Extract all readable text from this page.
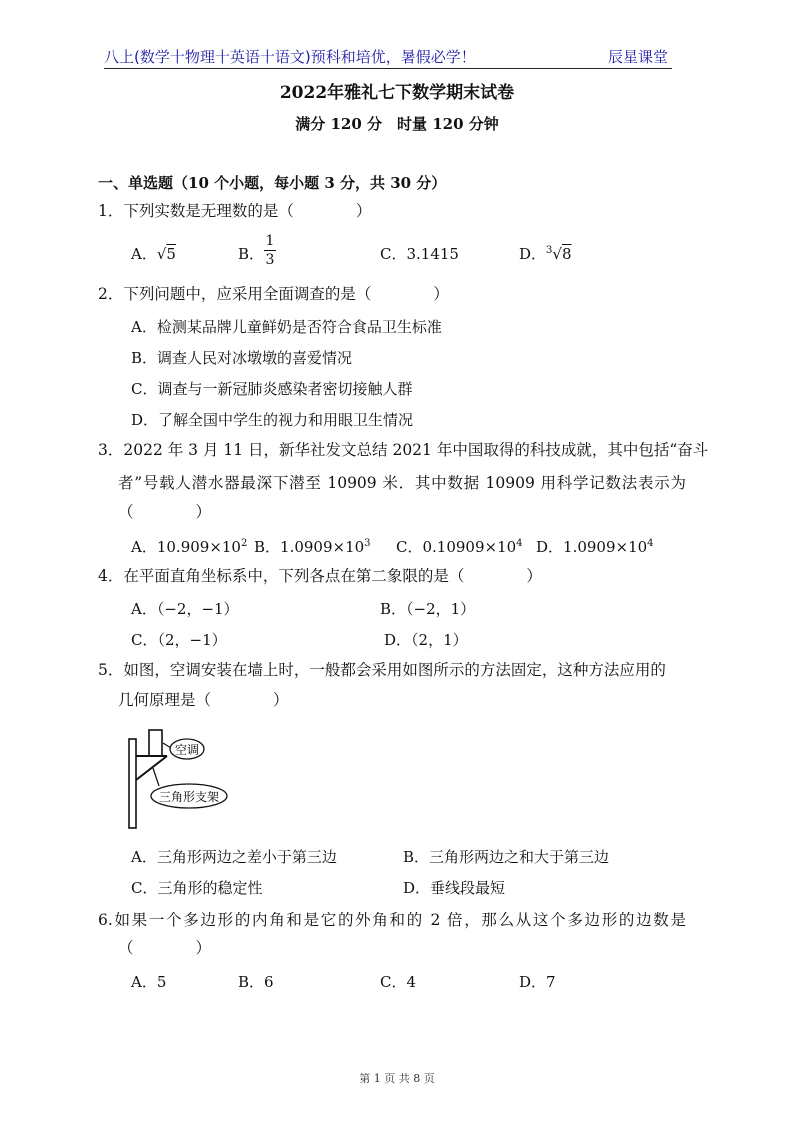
八上(数学十物理十英语十语文)预科和培优，暑假必学！	辰星课堂
2022年雅礼七下数学期末试卷
满分 120 分　时量 120 分钟
一、单选题（10 个小题，每小题 3 分，共 30 分）
1．下列实数是无理数的是（　　　　）
A．√5	B．
1
3	C．3.1415	D．$^3$√8
2．下列问题中，应采用全面调查的是（　　　　）
A．检测某品牌儿童鲜奶是否符合食品卫生标准
B．调查人民对冰墩墩的喜爱情况
C．调查与一新冠肺炎感染者密切接触人群
D．了解全国中学生的视力和用眼卫生情况
3．2022 年 3 月 11 日，新华社发文总结 2021 年中国取得的科技成就，其中包括“奋斗
者”号载人潜水器最深下潜至 10909 米．其中数据 10909 用科学记数法表示为
（　　　　）
A．$10.909\times 10^2$ B．$1.0909\times 10^3$ C．$0.10909\times 10^4$ D．$1.0909\times 10^4$
4．在平面直角坐标系中，下列各点在第二象限的是（　　　　）
A．（−2，−1）	B．（−2，1）
C．（2，−1）	D．（2，1）
5．如图，空调安装在墙上时，一般都会采用如图所示的方法固定，这种方法应用的
几何原理是（　　　　）
空调
三角形支架
A．三角形两边之差小于第三边	B．三角形两边之和大于第三边
C．三角形的稳定性	D．垂线段最短
6.如果一个多边形的内角和是它的外角和的 2 倍，那么从这个多边形的边数是
（　　　　）
A．5	B．6	C．4	D．7
第 1 页 共 8 页
